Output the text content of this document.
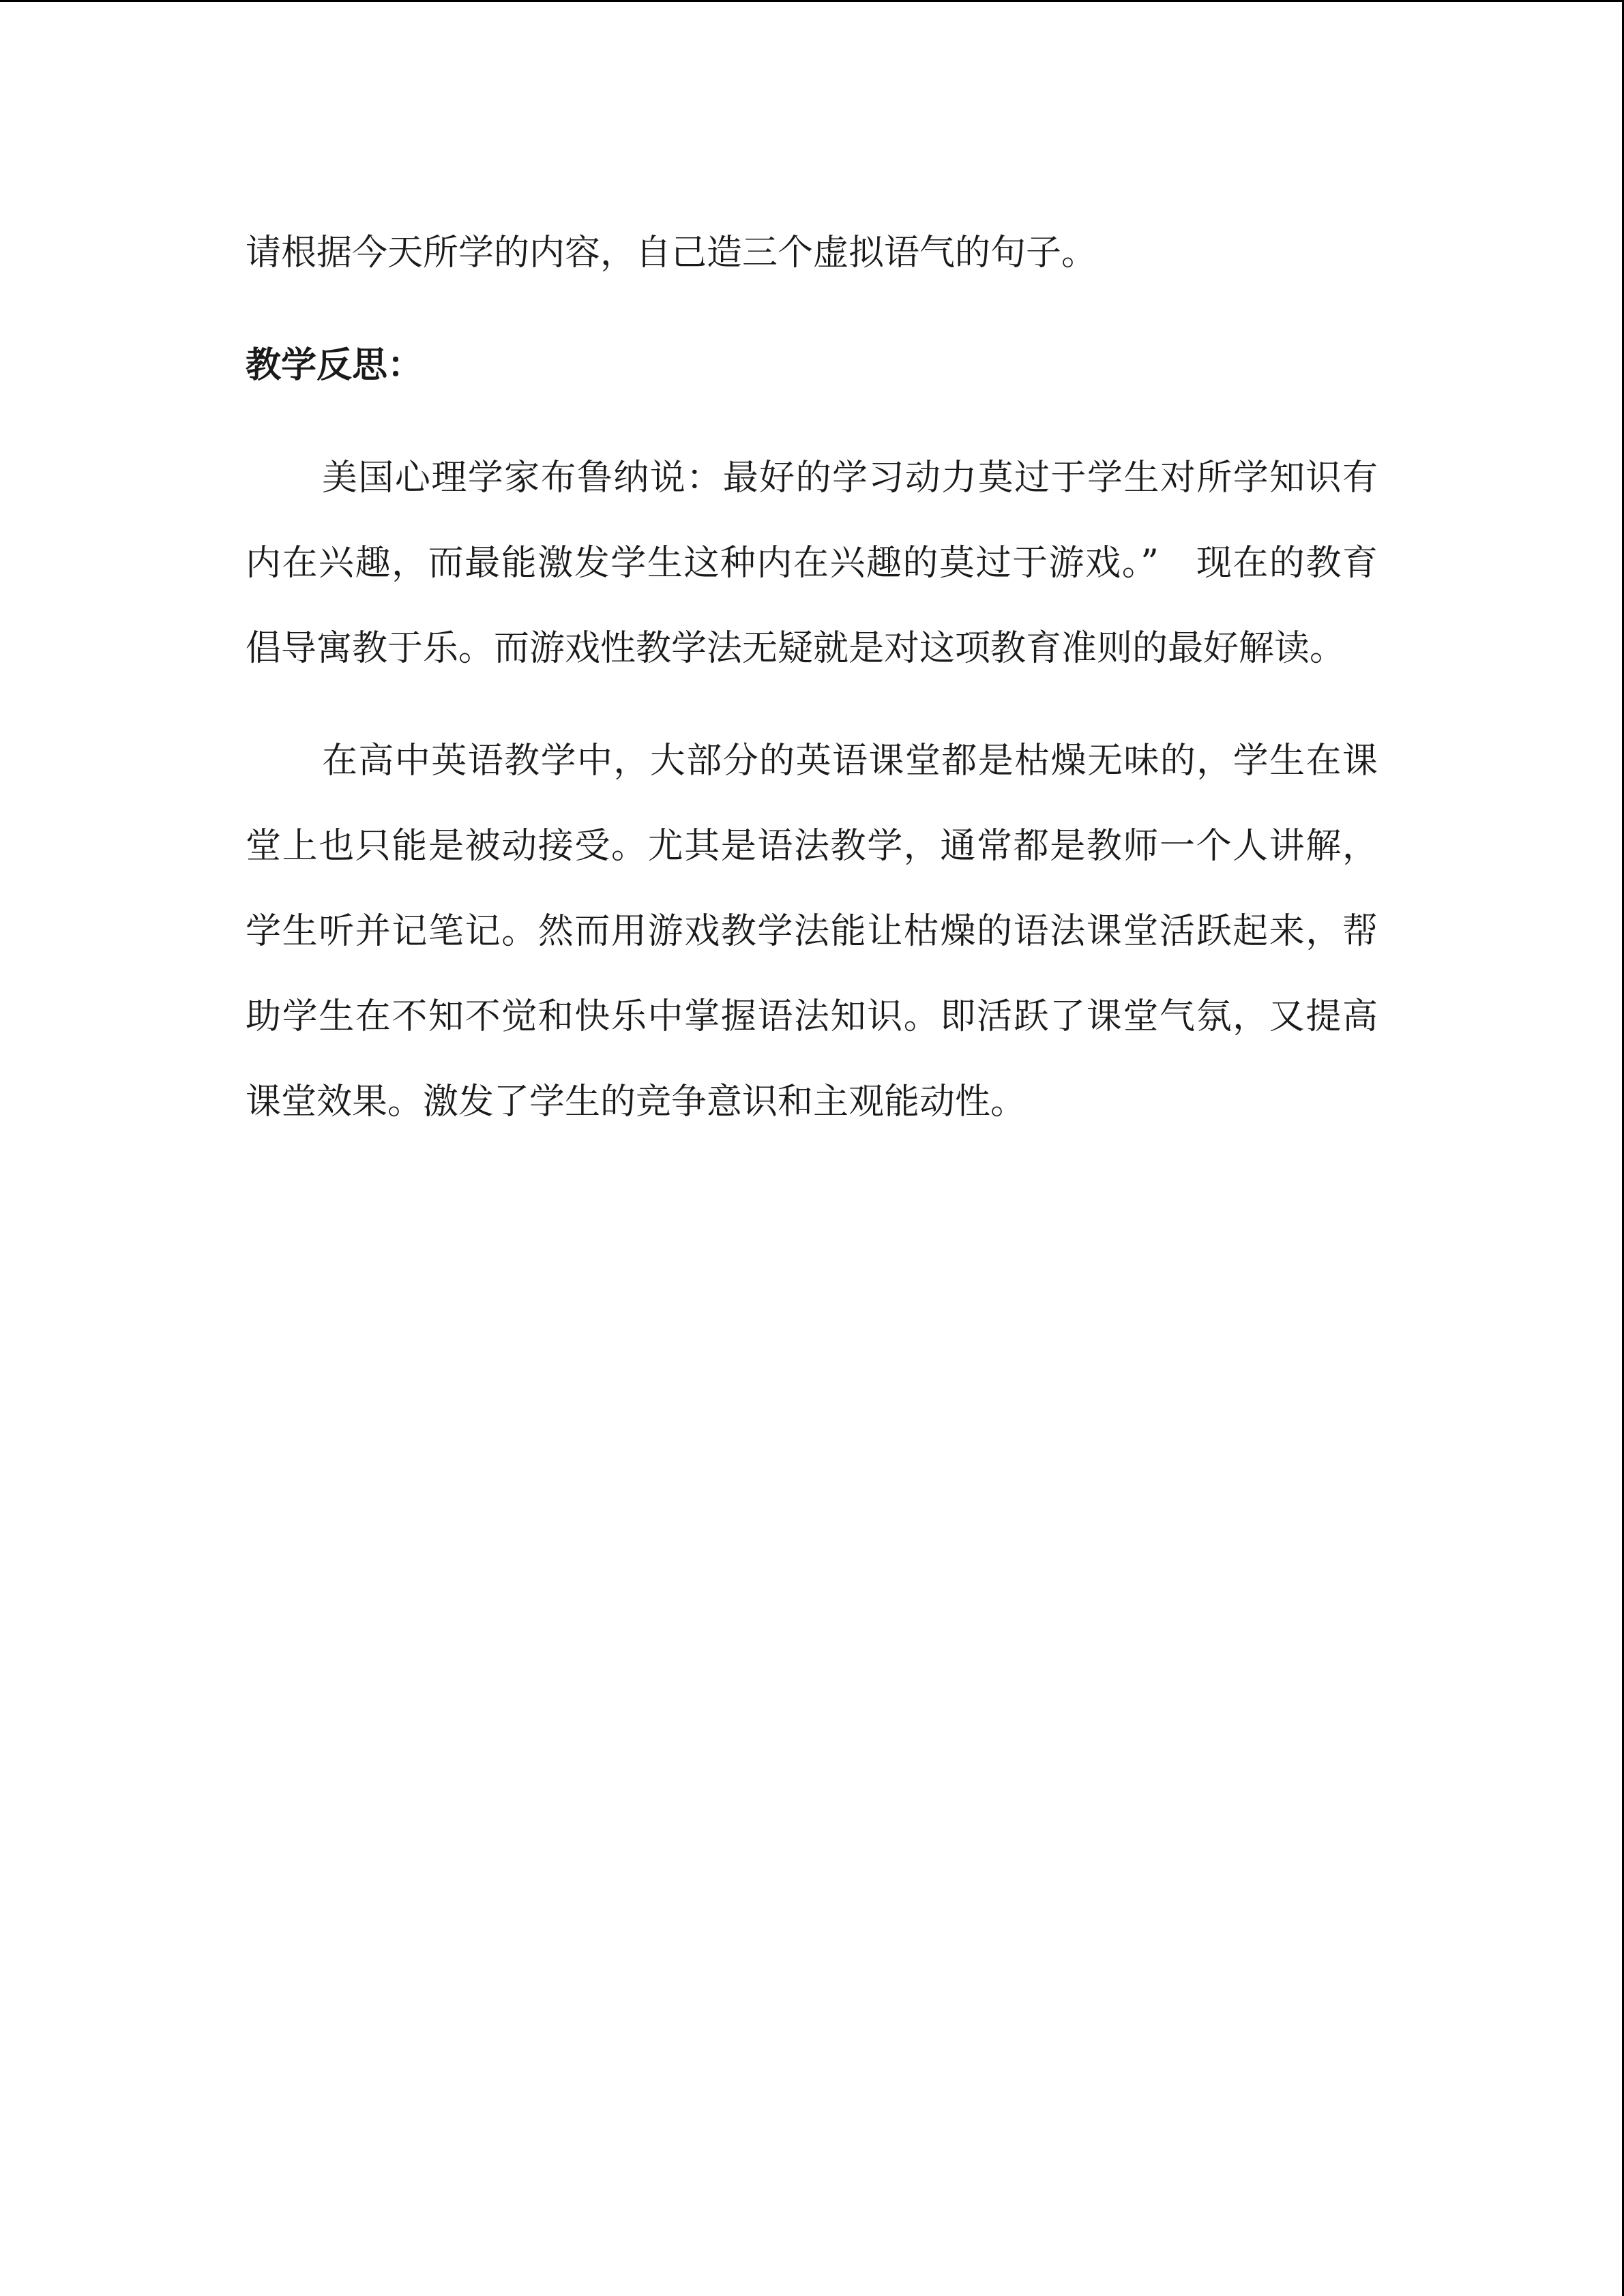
请根据今天所学的内容，自己造三个虚拟语气的句子。

教学反思：

美国心理学家布鲁纳说：最好的学习动力莫过于学生对所学知识有内在兴趣，而最能激发学生这种内在兴趣的莫过于游戏。”　现在的教育倡导寓教于乐。而游戏性教学法无疑就是对这项教育准则的最好解读。

在高中英语教学中，大部分的英语课堂都是枯燥无味的，学生在课堂上也只能是被动接受。尤其是语法教学，通常都是教师一个人讲解，学生听并记笔记。然而用游戏教学法能让枯燥的语法课堂活跃起来，帮助学生在不知不觉和快乐中掌握语法知识。即活跃了课堂气氛，又提高课堂效果。激发了学生的竞争意识和主观能动性。
